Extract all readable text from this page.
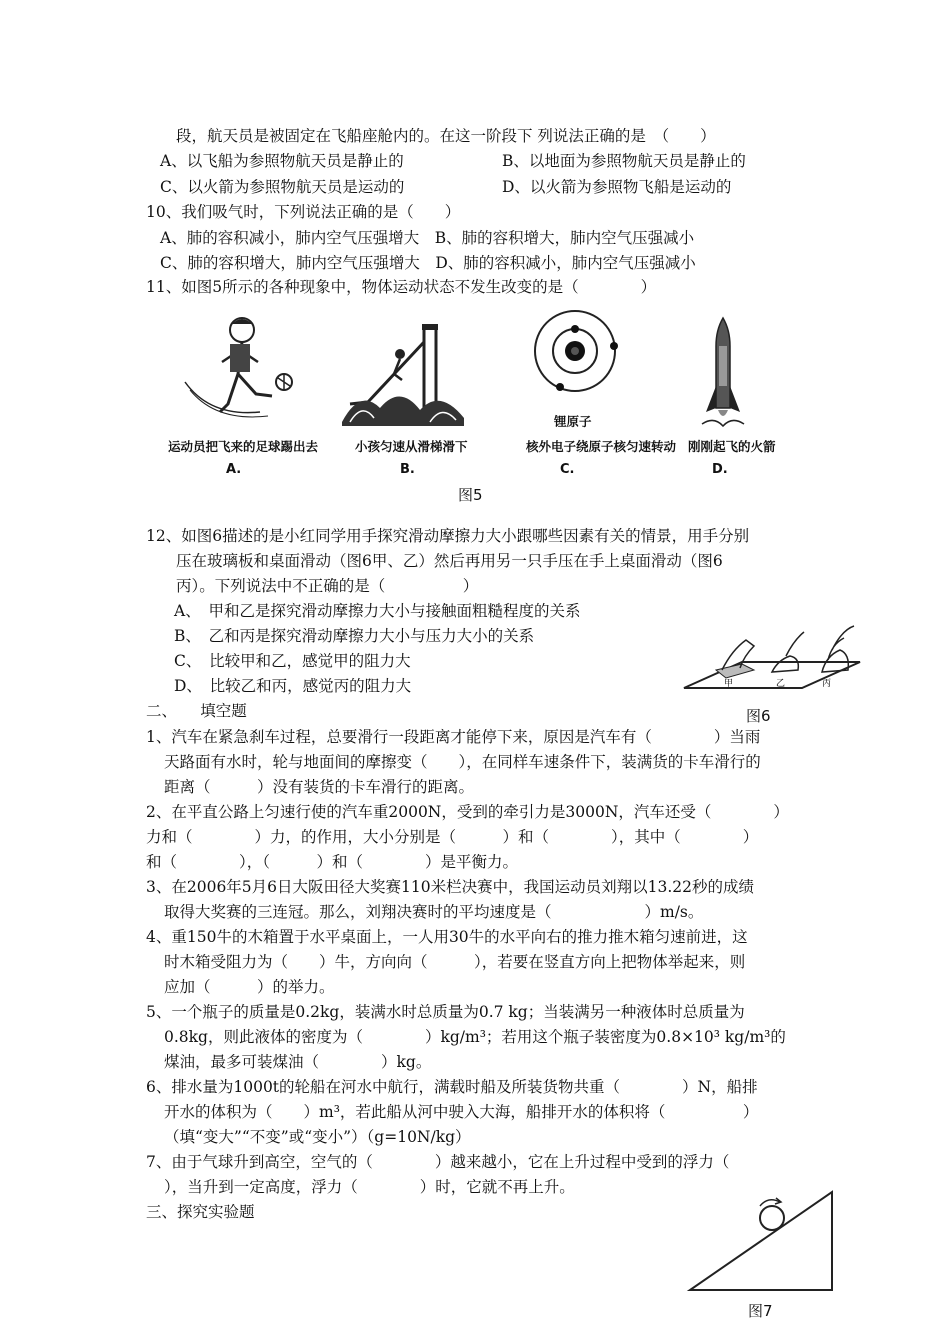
段，航天员是被固定在飞船座舱内的。在这一阶段下 列说法正确的是　（　　）
A、以飞船为参照物航天员是静止的	B、以地面为参照物航天员是静止的
C、以火箭为参照物航天员是运动的	D、以火箭为参照物飞船是运动的
10、我们吸气时，下列说法正确的是（　　）
A、肺的容积减小，肺内空气压强增大　B、肺的容积增大，肺内空气压强减小
C、肺的容积增大，肺内空气压强增大　D、肺的容积减小，肺内空气压强减小
11、如图5所示的各种现象中，物体运动状态不发生改变的是（　　　　）
锂原子
运动员把飞来的足球踢出去	小孩匀速从滑梯滑下	核外电子绕原子核匀速转动 刚刚起飞的火箭
A.	B.	C.	D.
图5
12、如图6描述的是小红同学用手探究滑动摩擦力大小跟哪些因素有关的情景，用手分别
压在玻璃板和桌面滑动（图6甲、乙）然后再用另一只手压在手上桌面滑动（图6
丙）。下列说法中不正确的是（　　　　　）
A、　甲和乙是探究滑动摩擦力大小与接触面粗糙程度的关系
B、　乙和丙是探究滑动摩擦力大小与压力大小的关系
C、　比较甲和乙，感觉甲的阻力大
D、　比较乙和丙，感觉丙的阻力大	甲	乙	丙
图6
二、　　填空题
1、汽车在紧急刹车过程，总要滑行一段距离才能停下来，原因是汽车有（　　　　）当雨
天路面有水时，轮与地面间的摩擦变（　　），在同样车速条件下，装满货的卡车滑行的
距离（　　　）没有装货的卡车滑行的距离。
2、在平直公路上匀速行使的汽车重2000N，受到的牵引力是3000N，汽车还受（　　　　）
力和（　　　　）力，的作用，大小分别是（　　　）和（　　　　），其中（　　　　）
和（　　　　），（　　　）和（　　　　）是平衡力。
3、在2006年5月6日大阪田径大奖赛110米栏决赛中，我国运动员刘翔以13.22秒的成绩
取得大奖赛的三连冠。那么，刘翔决赛时的平均速度是（　　　　　　）m/s。
4、重150牛的木箱置于水平桌面上，一人用30牛的水平向右的推力推木箱匀速前进，这
时木箱受阻力为（　　）牛，方向向（　　　），若要在竖直方向上把物体举起来，则
应加（　　　）的举力。
5、一个瓶子的质量是0.2kg，装满水时总质量为0.7 kg；当装满另一种液体时总质量为
0.8kg，则此液体的密度为（　　　　）kg/m³；若用这个瓶子装密度为0.8×10³ kg/m³的
煤油，最多可装煤油（　　　　）kg。
6、排水量为1000t的轮船在河水中航行，满载时船及所装货物共重（　　　　）N，船排
开水的体积为（　　）m³，若此船从河中驶入大海，船排开水的体积将（　　　　　）
（填“变大”“不变”或“变小”）（g=10N/kg）
7、由于气球升到高空，空气的（　　　　）越来越小，它在上升过程中受到的浮力（
），当升到一定高度，浮力（　　　　）时，它就不再上升。
三、探究实验题
图7
